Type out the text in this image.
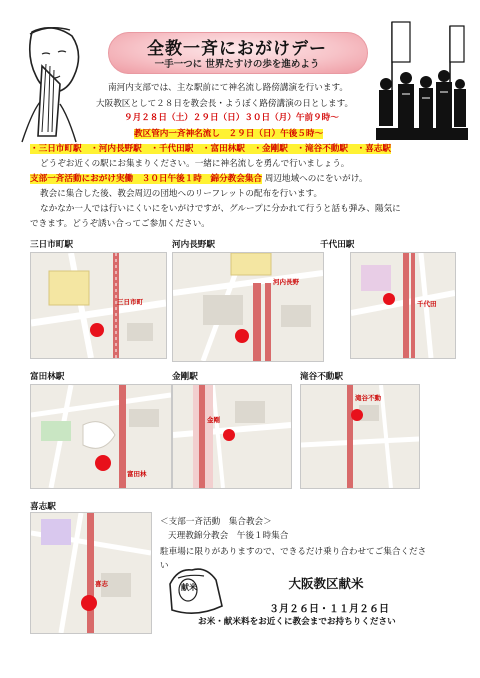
全教一斉におがけデー
一手一つに 世界たすけの歩を進めよう
南河内支部では、主な駅前にて神名流し路傍講演を行います。
大阪教区として２８日を教会長・ようぼく路傍講演の日とします。
９月２８日（土）２９日（日）３０日（月）午前９時～
教区管内一斉神名流し　２９日（日）午後５時～
・三日市町駅　・河内長野駅　・千代田駅　・富田林駅　・金剛駅　・滝谷不動駅　・喜志駅
どうぞお近くの駅にお集まりください。一緒に神名流しを勇んで行いましょう。
支部一斉活動におがけ実働　３０日午後１時　錦分教会集合 周辺地域へのにをいがけ。
教会に集合した後、教会周辺の団地へのリーフレットの配布を行います。
なかなか一人では行いにくいにをいがけですが、グループに分かれて行うと話も弾み、陽気に
できます。どうぞ誘い合ってご参加ください。
三日市町駅	河内長野駅	千代田駅
富田林駅	金剛駅	滝谷不動駅
喜志駅
三日市町
河内長野
千代田
富田林
金剛
滝谷不動
喜志
＜支部一斉活動　集合教会＞
天理教錦分教会　午後１時集合
駐車場に限りがありますので、できるだけ乗り合わせてご集合くださ
い
献米	大阪教区献米
３月２６日・１１月２６日
お米・献米料をお近くに教会までお持ちりください
